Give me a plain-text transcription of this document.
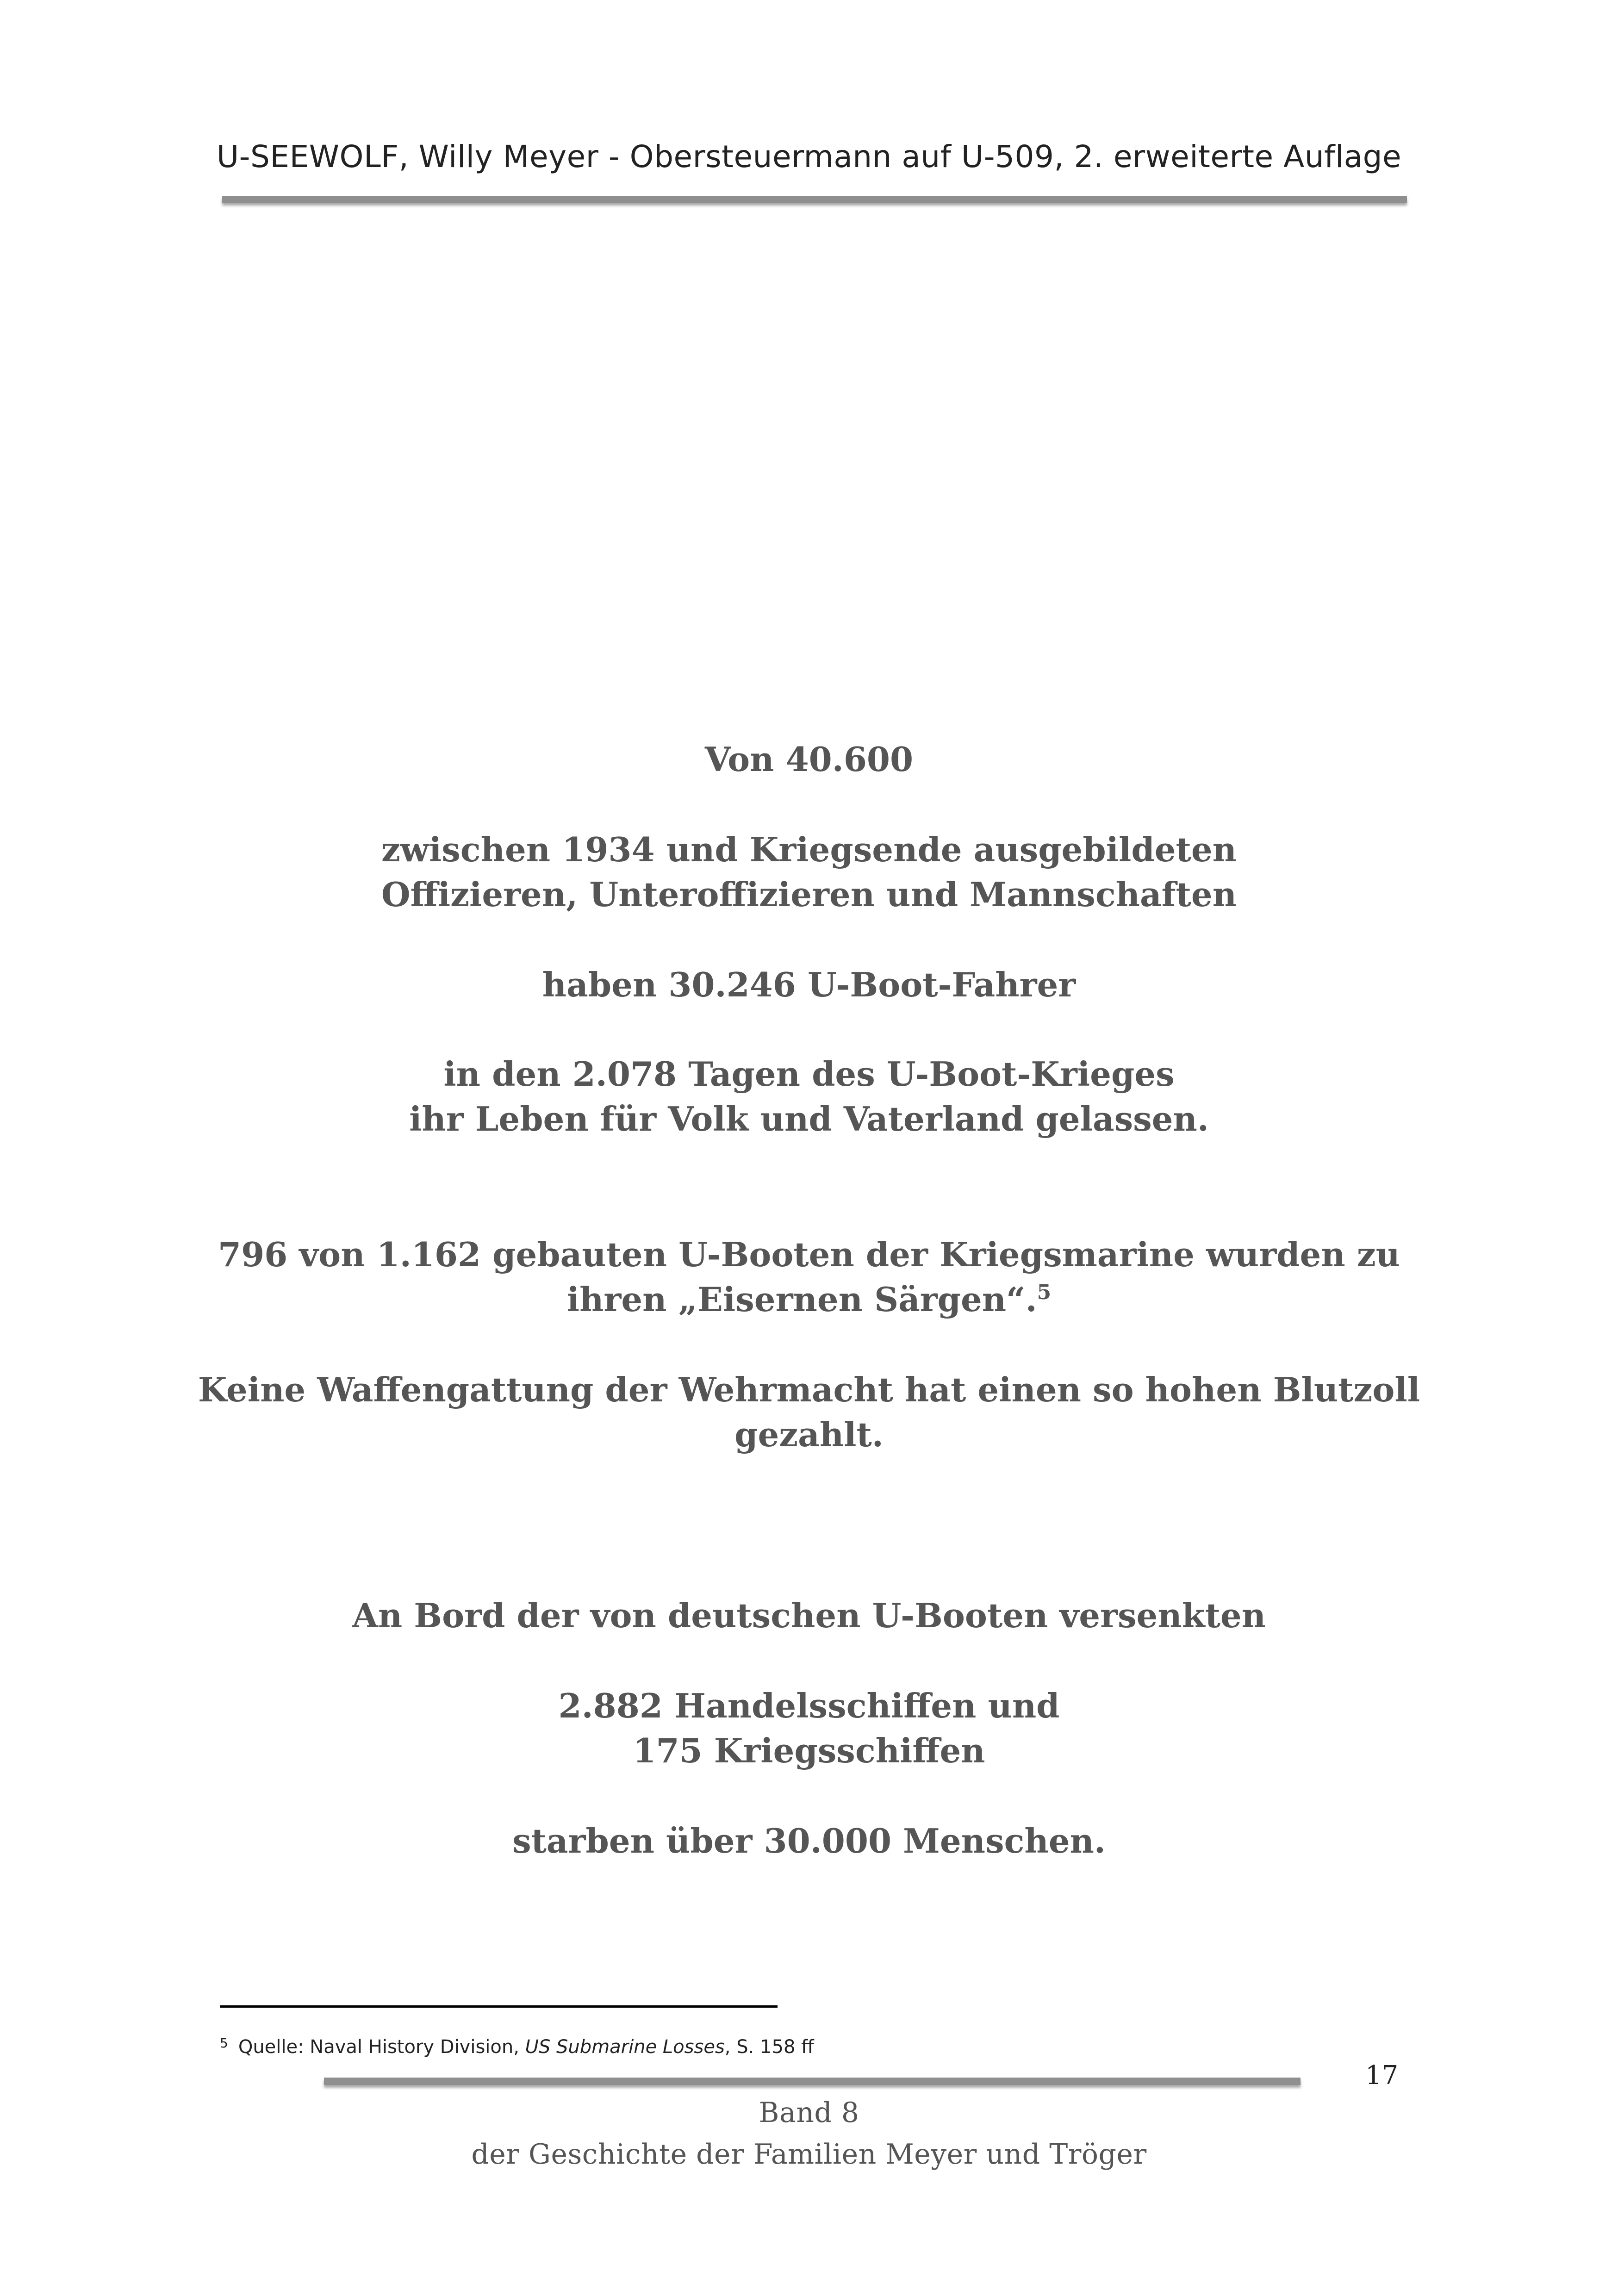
U-SEEWOLF, Willy Meyer - Obersteuermann auf U-509, 2. erweiterte Auflage
Von 40.600
zwischen 1934 und Kriegsende ausgebildeten
Offizieren, Unteroffizieren und Mannschaften
haben 30.246 U-Boot-Fahrer
in den 2.078 Tagen des U-Boot-Krieges
ihr Leben für Volk und Vaterland gelassen.
796 von 1.162 gebauten U-Booten der Kriegsmarine wurden zu
ihren „Eisernen Särgen“.$^5$
Keine Waffengattung der Wehrmacht hat einen so hohen Blutzoll
gezahlt.
An Bord der von deutschen U-Booten versenkten
2.882 Handelsschiffen und
175 Kriegsschiffen
starben über 30.000 Menschen.
$^5$ Quelle: Naval History Division, US Submarine Losses, S. 158 ff
17
Band 8
der Geschichte der Familien Meyer und Tröger
